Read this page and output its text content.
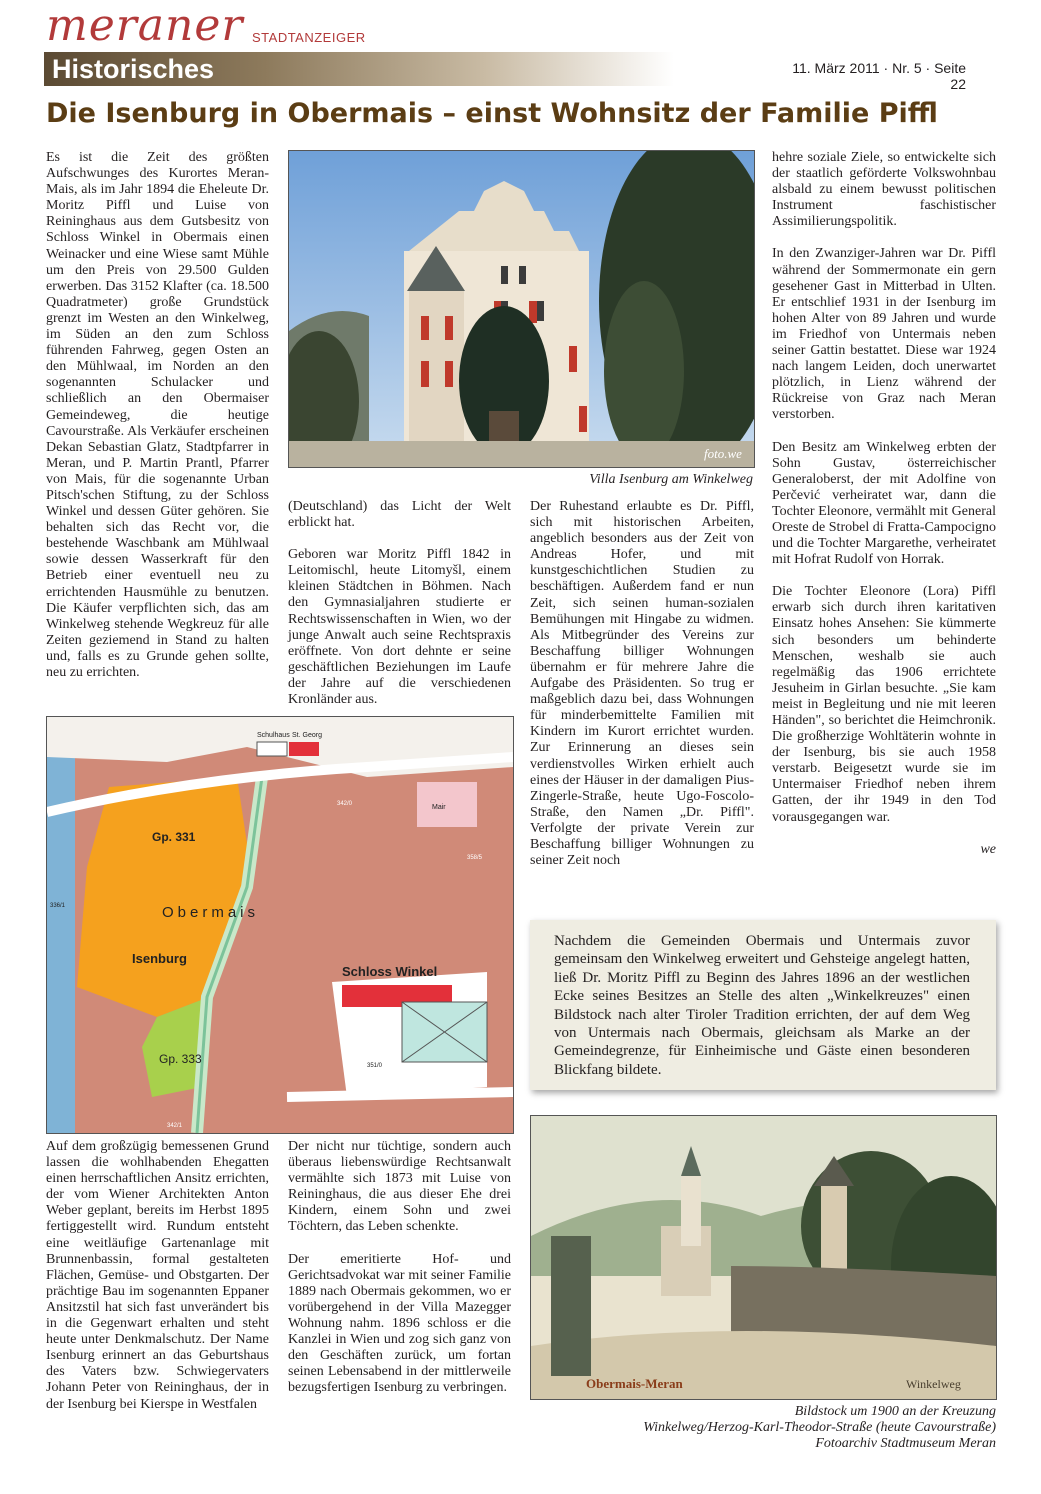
meraner STADTANZEIGER
Historisches	11. März 2011 · Nr. 5 · Seite 22
Die Isenburg in Obermais – einst Wohnsitz der Familie Piffl

Es ist die Zeit des größten Aufschwunges des Kurortes Meran-Mais, als im Jahr 1894 die Eheleute Dr. Moritz Piffl und Luise von Reininghaus aus dem Gutsbesitz von Schloss Winkel in Obermais einen Weinacker und eine Wiese samt Mühle um den Preis von 29.500 Gulden erwerben. Das 3152 Klafter (ca. 18.500 Quadratmeter) große Grundstück grenzt im Westen an den Winkelweg, im Süden an den zum Schloss führenden Fahrweg, gegen Osten an den Mühlwaal, im Norden an den sogenannten Schulacker und schließlich an den Obermaiser Gemeindeweg, die heutige Cavourstraße. Als Verkäufer erscheinen Dekan Sebastian Glatz, Stadtpfarrer in Meran, und P. Martin Prantl, Pfarrer von Mais, für die sogenannte Urban Pitsch'schen Stiftung, zu der Schloss Winkel und dessen Güter gehören. Sie behalten sich das Recht vor, die bestehende Waschbank am Mühlwaal sowie dessen Wasserkraft für den Betrieb einer eventuell neu zu errichtenden Hausmühle zu benutzen. Die Käufer verpflichten sich, das am Winkelweg stehende Wegkreuz für alle Zeiten geziemend in Stand zu halten und, falls es zu Grunde gehen sollte, neu zu errichten.

foto.we
Villa Isenburg am Winkelweg

(Deutschland) das Licht der Welt erblickt hat.

Geboren war Moritz Piffl 1842 in Leitomischl, heute Litomyšl, einem kleinen Städtchen in Böhmen. Nach den Gymnasialjahren studierte er Rechtswissenschaften in Wien, wo der junge Anwalt auch seine Rechtspraxis eröffnete. Von dort dehnte er seine geschäftlichen Beziehungen im Laufe der Jahre auf die verschiedenen Kronländer aus.

Der Ruhestand erlaubte es Dr. Piffl, sich mit historischen Arbeiten, angeblich besonders aus der Zeit von Andreas Hofer, und mit kunstgeschichtlichen Studien zu beschäftigen. Außerdem fand er nun Zeit, sich seinen human-sozialen Bemühungen mit Hingabe zu widmen. Als Mitbegründer des Vereins zur Beschaffung billiger Wohnungen übernahm er für mehrere Jahre die Aufgabe des Präsidenten. So trug er maßgeblich dazu bei, dass Wohnungen für minderbemittelte Familien mit Kindern im Kurort errichtet wurden. Zur Erinnerung an dieses sein verdienstvolles Wirken erhielt auch eines der Häuser in der damaligen Pius-Zingerle-Straße, heute Ugo-Foscolo-Straße, den Namen „Dr. Piffl". Verfolgte der private Verein zur Beschaffung billiger Wohnungen zu seiner Zeit noch

hehre soziale Ziele, so entwickelte sich der staatlich geförderte Volkswohnbau alsbald zu einem bewusst politischen Instrument faschistischer Assimilierungspolitik.

In den Zwanziger-Jahren war Dr. Piffl während der Sommermonate ein gern gesehener Gast in Mitterbad in Ulten. Er entschlief 1931 in der Isenburg im hohen Alter von 89 Jahren und wurde im Friedhof von Untermais neben seiner Gattin bestattet. Diese war 1924 nach langem Leiden, doch unerwartet plötzlich, in Lienz während der Rückreise von Graz nach Meran verstorben.

Den Besitz am Winkelweg erbten der Sohn Gustav, österreichischer Generaloberst, der mit Adolfine von Perčević verheiratet war, dann die Tochter Eleonore, vermählt mit General Oreste de Strobel di Fratta-Campocigno und die Tochter Margarethe, verheiratet mit Hofrat Rudolf von Horrak.

Die Tochter Eleonore (Lora) Piffl erwarb sich durch ihren karitativen Einsatz hohes Ansehen: Sie kümmerte sich besonders um behinderte Menschen, weshalb sie auch regelmäßig das 1906 errichtete Jesuheim in Girlan besuchte. „Sie kam meist in Begleitung und nie mit leeren Händen", so berichtet die Heimchronik. Die großherzige Wohltäterin wohnte in der Isenburg, bis sie auch 1958 verstarb. Beigesetzt wurde sie im Untermaiser Friedhof neben ihrem Gatten, der ihr 1949 in den Tod vorausgegangen war.

we
Gp. 331
Obermais
Isenburg
Gp. 333
Schloss Winkel
Schulhaus St. Georg
Mair
342/0
358/5
336/1
351/0
342/1

Auf dem großzügig bemessenen Grund lassen die wohlhabenden Ehegatten einen herrschaftlichen Ansitz errichten, der vom Wiener Architekten Anton Weber geplant, bereits im Herbst 1895 fertiggestellt wird. Rundum entsteht eine weitläufige Gartenanlage mit Brunnenbassin, formal gestalteten Flächen, Gemüse- und Obstgarten. Der prächtige Bau im sogenannten Eppaner Ansitzstil hat sich fast unverändert bis in die Gegenwart erhalten und steht heute unter Denkmalschutz. Der Name Isenburg erinnert an das Geburtshaus des Vaters bzw. Schwiegervaters Johann Peter von Reininghaus, der in der Isenburg bei Kierspe in Westfalen

Der nicht nur tüchtige, sondern auch überaus liebenswürdige Rechtsanwalt vermählte sich 1873 mit Luise von Reininghaus, die aus dieser Ehe drei Kindern, einem Sohn und zwei Töchtern, das Leben schenkte.

Der emeritierte Hof- und Gerichtsadvokat war mit seiner Familie 1889 nach Obermais gekommen, wo er vorübergehend in der Villa Mazegger Wohnung nahm. 1896 schloss er die Kanzlei in Wien und zog sich ganz von den Geschäften zurück, um fortan seinen Lebensabend in der mittlerweile bezugsfertigen Isenburg zu verbringen.

Nachdem die Gemeinden Obermais und Untermais zuvor gemeinsam den Winkelweg erweitert und Gehsteige angelegt hatten, ließ Dr. Moritz Piffl zu Beginn des Jahres 1896 an der westlichen Ecke seines Besitzes an Stelle des alten „Winkelkreuzes" einen Bildstock nach alter Tiroler Tradition errichten, der auf dem Weg von Untermais nach Obermais, gleichsam als Marke an der Gemeindegrenze, für Einheimische und Gäste einen besonderen Blickfang bildete.
Obermais-Meran	Winkelweg
Bildstock um 1900 an der Kreuzung
Winkelweg/Herzog-Karl-Theodor-Straße (heute Cavourstraße)
Fotoarchiv Stadtmuseum Meran
